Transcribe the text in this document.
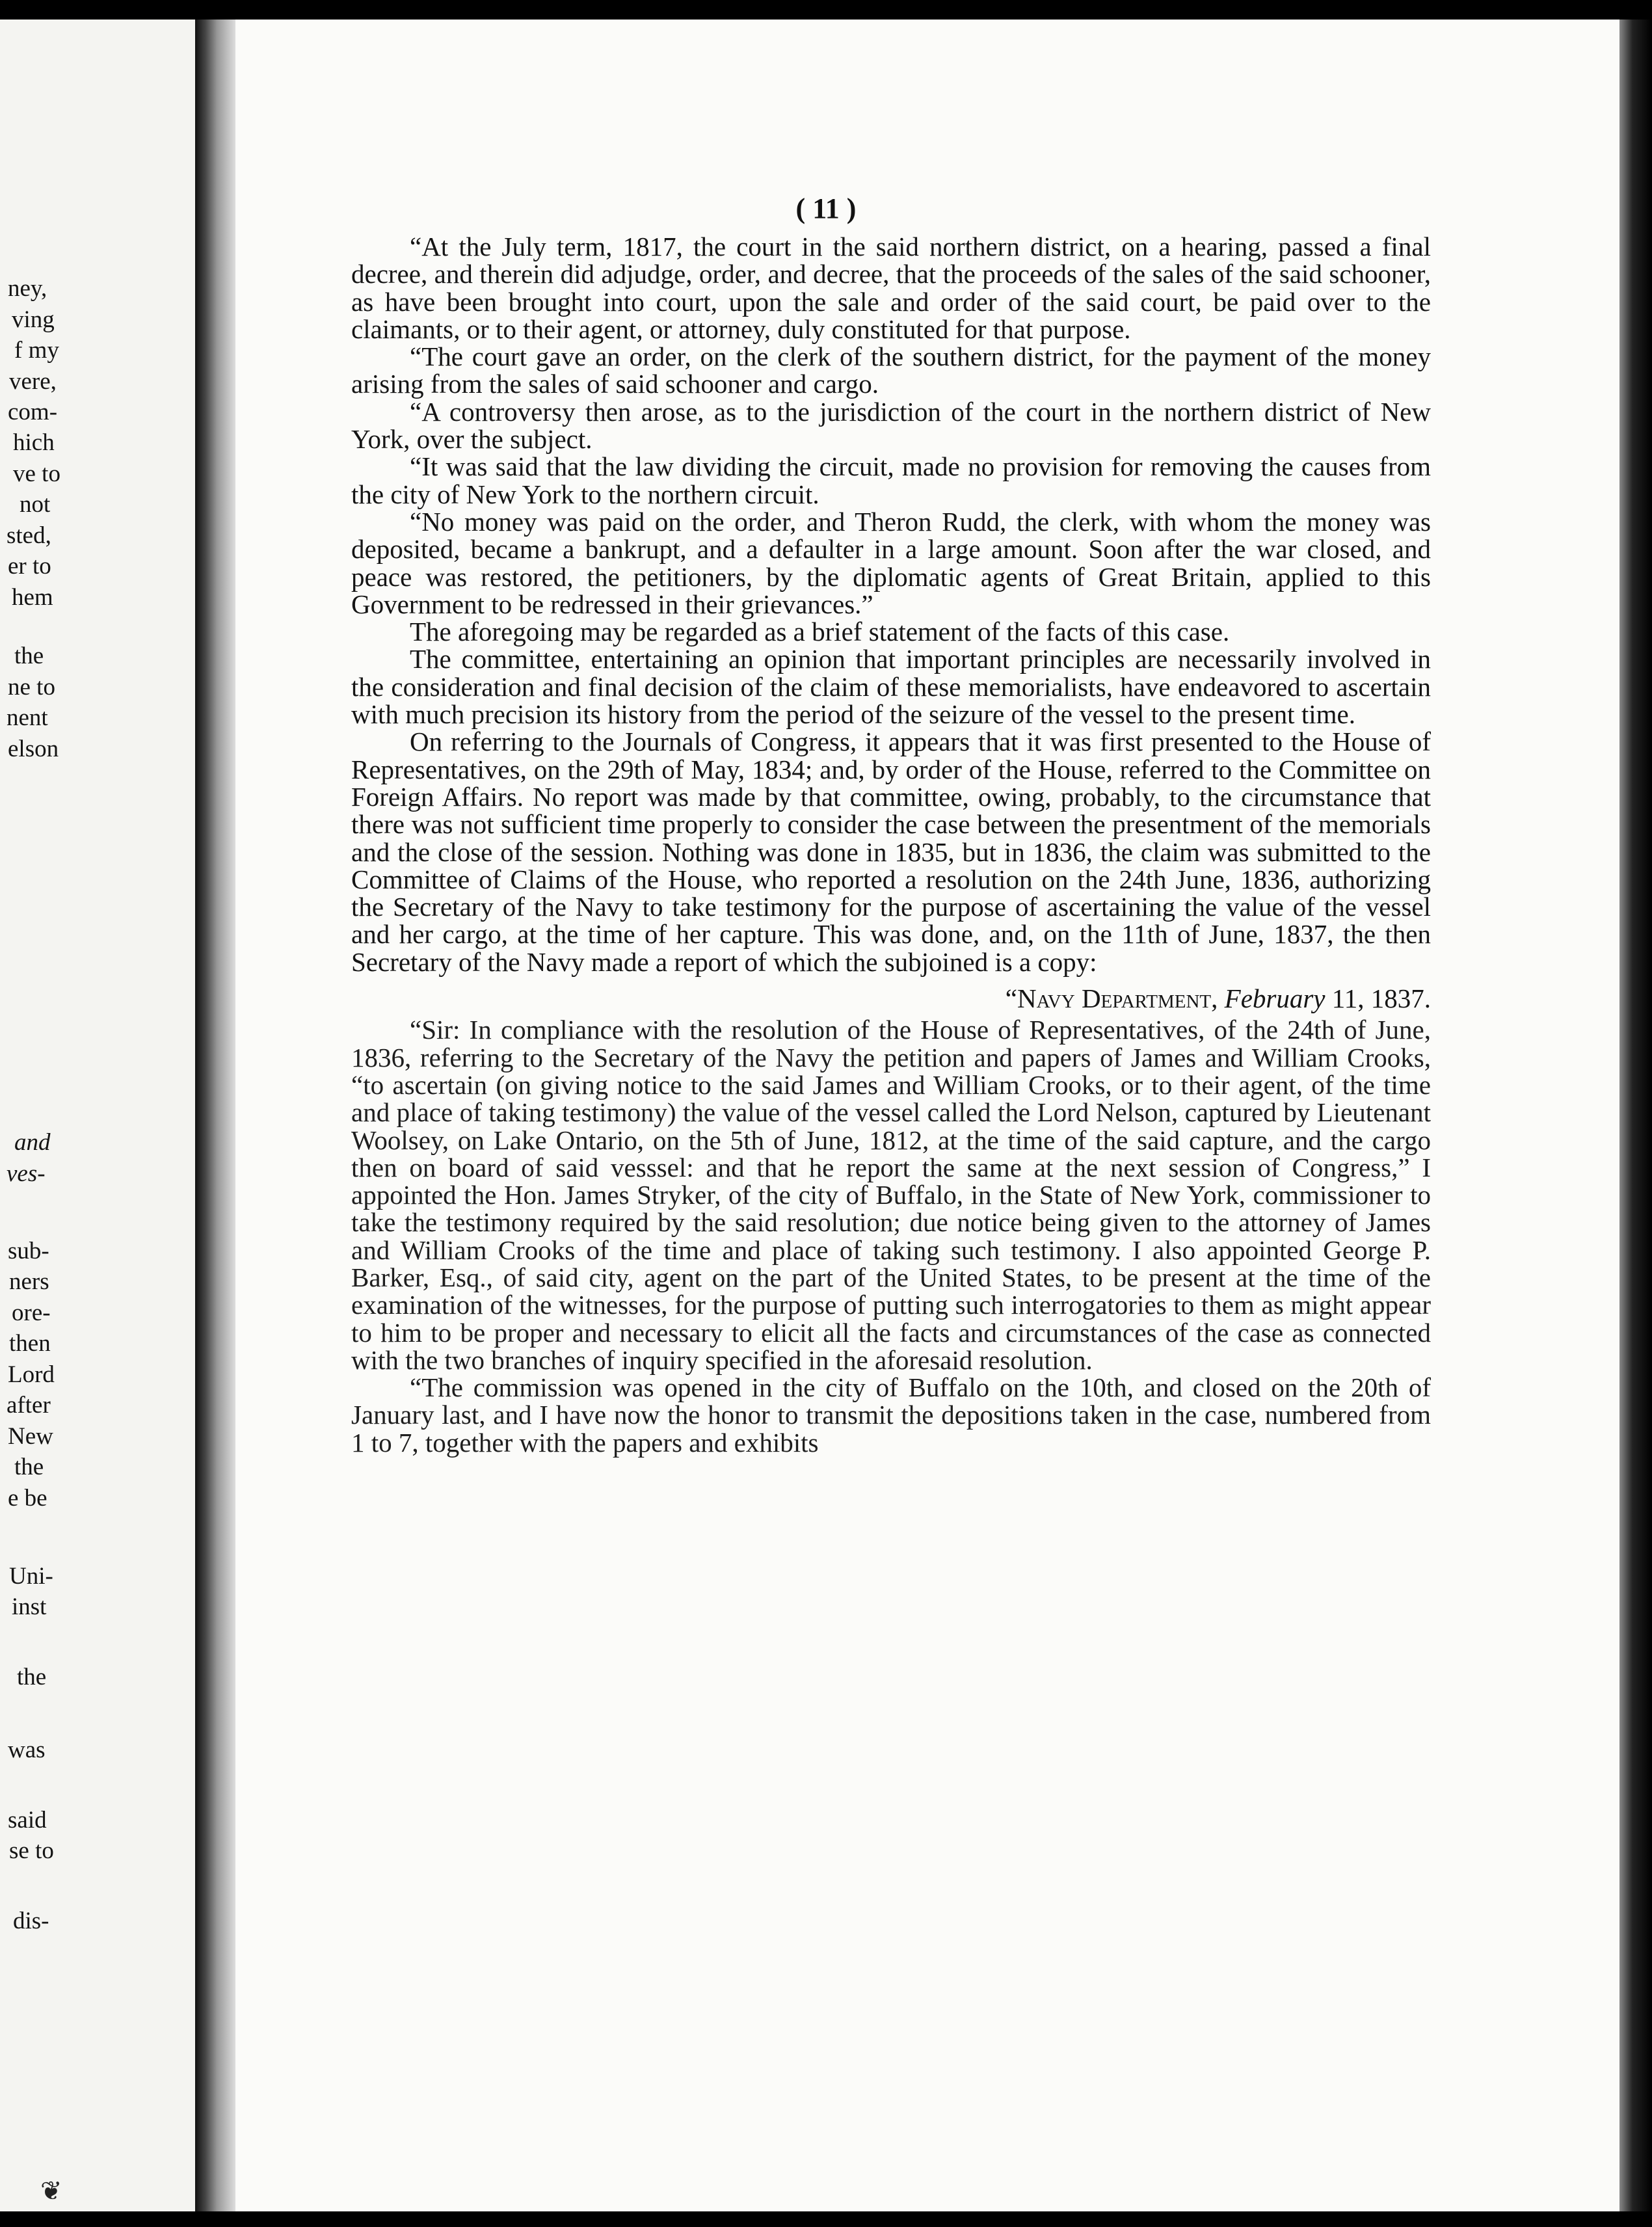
ney,
ving
f my
vere,
com-
hich
ve to
not
sted,
er to
hem
the
ne to
nent
elson
and
ves-
sub-
ners
ore-
then
Lord
after
New
the
e be
Uni-
inst
the
was
said
se to
dis-
( 11 )

“At the July term, 1817, the court in the said northern district, on a hearing, passed a final decree, and therein did adjudge, order, and decree, that the proceeds of the sales of the said schooner, as have been brought into court, upon the sale and order of the said court, be paid over to the claimants, or to their agent, or attorney, duly constituted for that purpose.

“The court gave an order, on the clerk of the southern district, for the payment of the money arising from the sales of said schooner and cargo.

“A controversy then arose, as to the jurisdiction of the court in the northern district of New York, over the subject.

“It was said that the law dividing the circuit, made no provision for removing the causes from the city of New York to the northern circuit.

“No money was paid on the order, and Theron Rudd, the clerk, with whom the money was deposited, became a bankrupt, and a defaulter in a large amount. Soon after the war closed, and peace was restored, the petitioners, by the diplomatic agents of Great Britain, applied to this Government to be redressed in their grievances.”

The aforegoing may be regarded as a brief statement of the facts of this case.

The committee, entertaining an opinion that important principles are necessarily involved in the consideration and final decision of the claim of these memorialists, have endeavored to ascertain with much precision its history from the period of the seizure of the vessel to the present time.

On referring to the Journals of Congress, it appears that it was first presented to the House of Representatives, on the 29th of May, 1834; and, by order of the House, referred to the Committee on Foreign Affairs. No report was made by that committee, owing, probably, to the circumstance that there was not sufficient time properly to consider the case between the presentment of the memorials and the close of the session. Nothing was done in 1835, but in 1836, the claim was submitted to the Committee of Claims of the House, who reported a resolution on the 24th June, 1836, authorizing the Secretary of the Navy to take testimony for the purpose of ascertaining the value of the vessel and her cargo, at the time of her capture. This was done, and, on the 11th of June, 1837, the then Secretary of the Navy made a report of which the subjoined is a copy:

“Navy Department, February 11, 1837.

“Sir: In compliance with the resolution of the House of Representatives, of the 24th of June, 1836, referring to the Secretary of the Navy the petition and papers of James and William Crooks, “to ascertain (on giving notice to the said James and William Crooks, or to their agent, of the time and place of taking testimony) the value of the vessel called the Lord Nelson, captured by Lieutenant Woolsey, on Lake Ontario, on the 5th of June, 1812, at the time of the said capture, and the cargo then on board of said vesssel: and that he report the same at the next session of Congress,” I appointed the Hon. James Stryker, of the city of Buffalo, in the State of New York, commissioner to take the testimony required by the said resolution; due notice being given to the attorney of James and William Crooks of the time and place of taking such testimony. I also appointed George P. Barker, Esq., of said city, agent on the part of the United States, to be present at the time of the examination of the witnesses, for the purpose of putting such interrogatories to them as might appear to him to be proper and necessary to elicit all the facts and circumstances of the case as connected with the two branches of inquiry specified in the aforesaid resolution.

“The commission was opened in the city of Buffalo on the 10th, and closed on the 20th of January last, and I have now the honor to transmit the depositions taken in the case, numbered from 1 to 7, together with the papers and exhibits

❦
